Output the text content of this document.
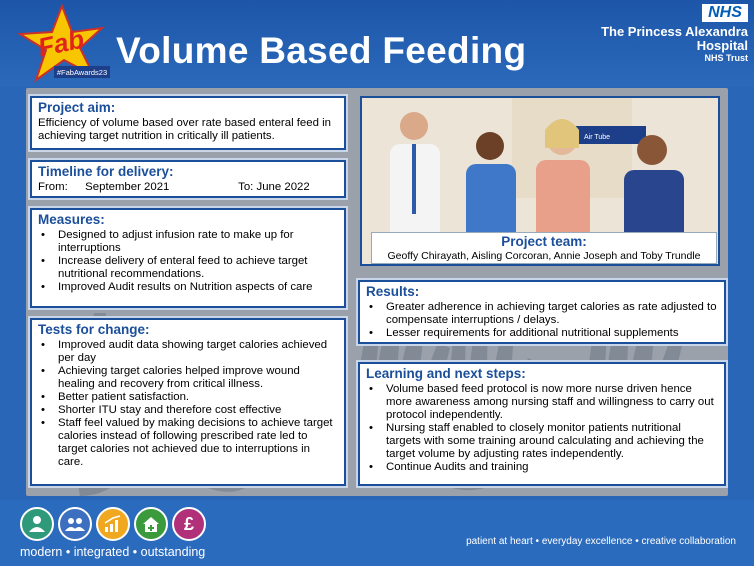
Fab
#FabAwards23
Volume Based Feeding
NHS
The Princess Alexandra
Hospital
NHS Trust
Project aim:

Efficiency of volume based over rate based enteral feed in achieving target nutrition in critically ill patients.

Timeline for delivery:

From: September 2021	To: June 2022

Measures:
• Designed to adjust infusion rate to make up for interruptions
• Increase delivery of enteral feed to achieve target nutritional recommendations.
• Improved Audit results on Nutrition aspects of care
Tests for change:
• Improved audit data showing target calories achieved per day
• Achieving target calories helped improve wound healing and recovery from critical illness.
• Better patient satisfaction.
• Shorter ITU stay and therefore cost effective
• Staff feel valued by making decisions to achieve target calories instead of following prescribed rate led to target calories not achieved due to interruptions in care.
Air Tube
Project team:

Geoffy Chirayath, Aisling Corcoran, Annie Joseph and Toby Trundle

Results:
• Greater adherence in achieving target calories as rate adjusted to compensate interruptions / delays.
• Lesser requirements for additional nutritional supplements
Learning and next steps:
• Volume based feed protocol is now more nurse driven hence more awareness among nursing staff and willingness to carry out protocol independently.
• Nursing staff enabled to closely monitor patients nutritional targets with some training around calculating and achieving the target volume by adjusting rates independently.
• Continue Audits and training
£
modern • integrated • outstanding
patient at heart • everyday excellence • creative collaboration
